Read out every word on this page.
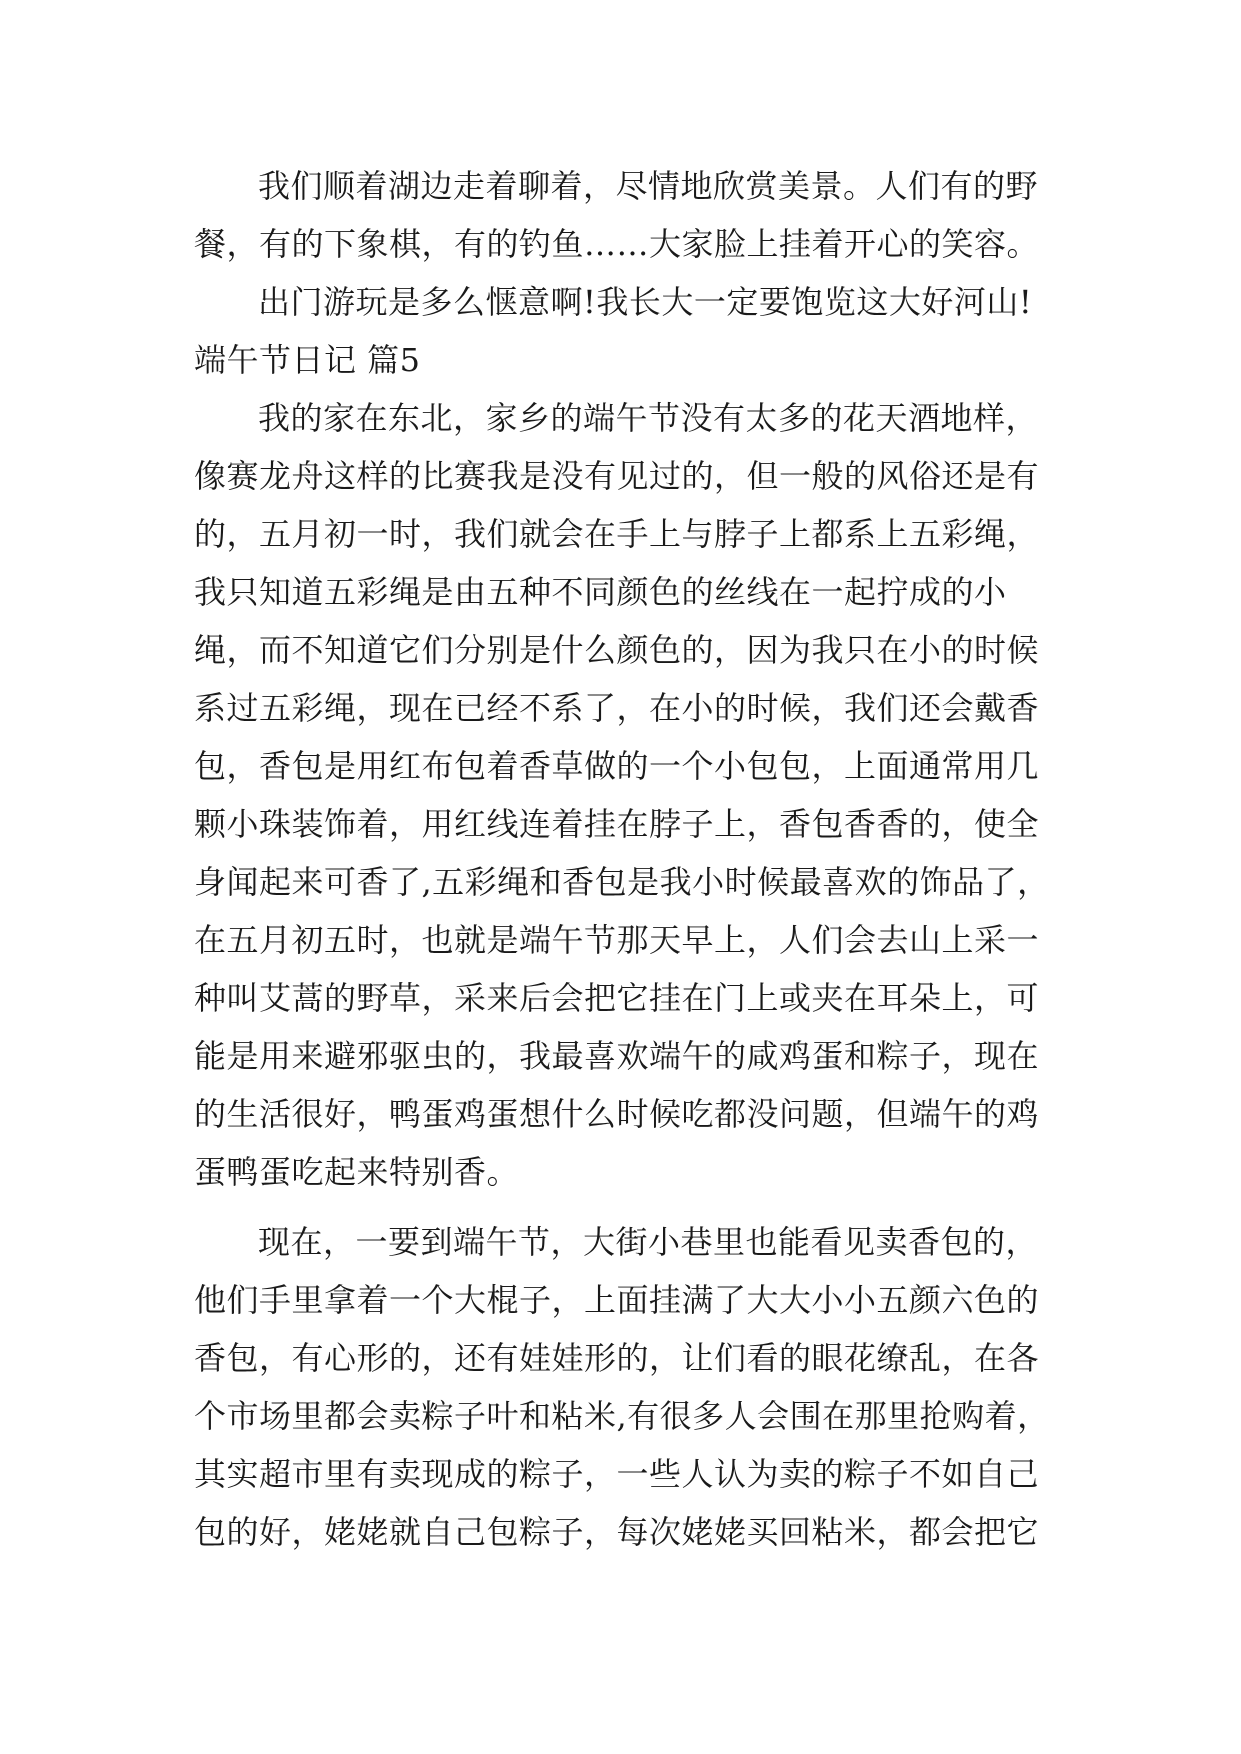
我们顺着湖边走着聊着，尽情地欣赏美景。人们有的野
餐，有的下象棋，有的钓鱼……大家脸上挂着开心的笑容。
出门游玩是多么惬意啊!我长大一定要饱览这大好河山!
端午节日记 篇5
我的家在东北，家乡的端午节没有太多的花天酒地样，
像赛龙舟这样的比赛我是没有见过的，但一般的风俗还是有
的，五月初一时，我们就会在手上与脖子上都系上五彩绳，
我只知道五彩绳是由五种不同颜色的丝线在一起拧成的小
绳，而不知道它们分别是什么颜色的，因为我只在小的时候
系过五彩绳，现在已经不系了，在小的时候，我们还会戴香
包，香包是用红布包着香草做的一个小包包，上面通常用几
颗小珠装饰着，用红线连着挂在脖子上，香包香香的，使全
身闻起来可香了,五彩绳和香包是我小时候最喜欢的饰品了，
在五月初五时，也就是端午节那天早上，人们会去山上采一
种叫艾蒿的野草，采来后会把它挂在门上或夹在耳朵上，可
能是用来避邪驱虫的，我最喜欢端午的咸鸡蛋和粽子，现在
的生活很好，鸭蛋鸡蛋想什么时候吃都没问题，但端午的鸡
蛋鸭蛋吃起来特别香。
现在，一要到端午节，大街小巷里也能看见卖香包的，
他们手里拿着一个大棍子，上面挂满了大大小小五颜六色的
香包，有心形的，还有娃娃形的，让们看的眼花缭乱，在各
个市场里都会卖粽子叶和粘米,有很多人会围在那里抢购着，
其实超市里有卖现成的粽子，一些人认为卖的粽子不如自己
包的好，姥姥就自己包粽子，每次姥姥买回粘米，都会把它
